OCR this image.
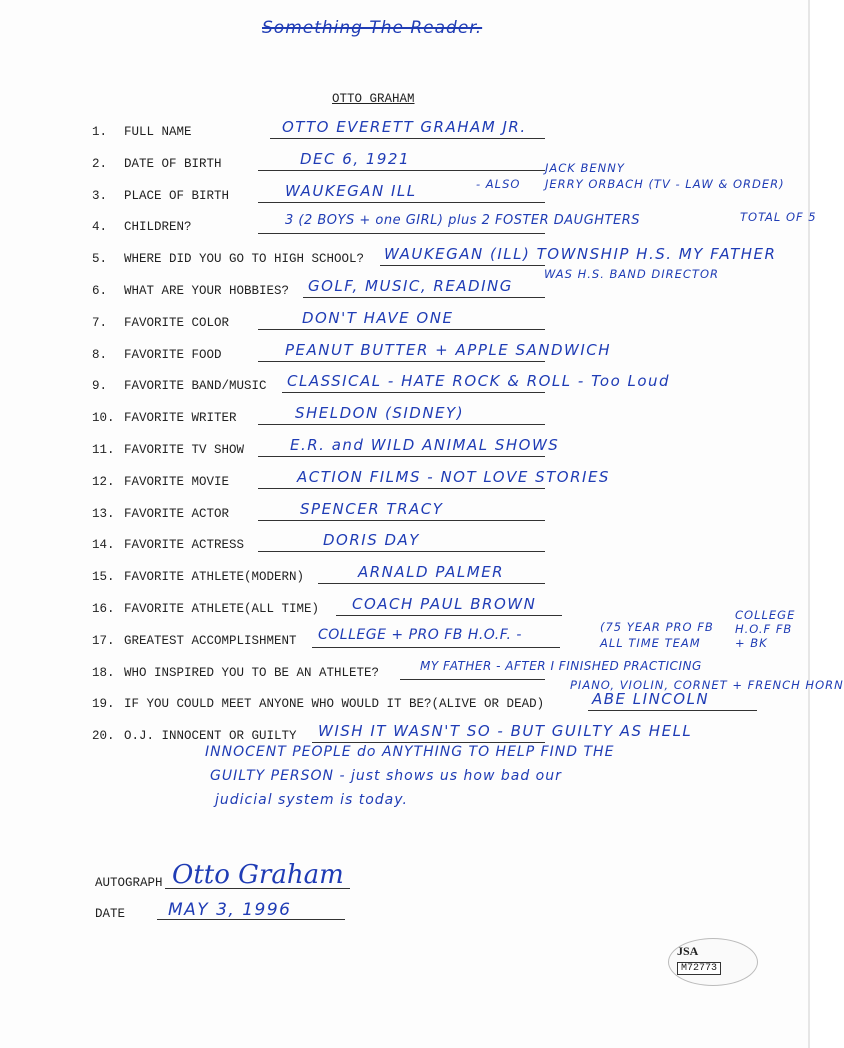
Something The Reader.
OTTO GRAHAM
1. FULL NAME	OTTO EVERETT GRAHAM JR.
2. DATE OF BIRTH	DEC 6, 1921
3. PLACE OF BIRTH	WAUKEGAN ILL	- ALSO
JACK BENNY
JERRY ORBACH (TV - LAW & ORDER)
4. CHILDREN?	3 (2 BOYS + one GIRL) plus 2 FOSTER DAUGHTERS	TOTAL OF 5
5. WHERE DID YOU GO TO HIGH SCHOOL? WAUKEGAN (ILL) TOWNSHIP H.S. MY FATHER
WAS H.S. BAND DIRECTOR
6. WHAT ARE YOUR HOBBIES? GOLF, MUSIC, READING
7. FAVORITE COLOR	DON'T HAVE ONE
8. FAVORITE FOOD	PEANUT BUTTER + APPLE SANDWICH
9. FAVORITE BAND/MUSIC CLASSICAL - HATE ROCK & ROLL - Too Loud
10. FAVORITE WRITER	SHELDON (SIDNEY)
11. FAVORITE TV SHOW	E.R. and WILD ANIMAL SHOWS
12. FAVORITE MOVIE	ACTION FILMS - NOT LOVE STORIES
13. FAVORITE ACTOR	SPENCER TRACY
14. FAVORITE ACTRESS	DORIS DAY
15. FAVORITE ATHLETE(MODERN)	ARNALD PALMER
16. FAVORITE ATHLETE(ALL TIME) COACH PAUL BROWN
17. GREATEST ACCOMPLISHMENT COLLEGE + PRO FB H.O.F. -	(75 YEAR PRO FB
ALL TIME TEAM
COLLEGE H.O.F FB + BK
18. WHO INSPIRED YOU TO BE AN ATHLETE?	MY FATHER - AFTER I FINISHED PRACTICING
PIANO, VIOLIN, CORNET + FRENCH HORN
19. IF YOU COULD MEET ANYONE WHO WOULD IT BE?(ALIVE OR DEAD)	ABE LINCOLN
20. O.J. INNOCENT OR GUILTY WISH IT WASN'T SO - BUT GUILTY AS HELL
INNOCENT PEOPLE do ANYTHING TO HELP FIND THE
GUILTY PERSON - just shows us how bad our
judicial system is today.
AUTOGRAPH Otto Graham
DATE	MAY 3, 1996
JSA
M72773
